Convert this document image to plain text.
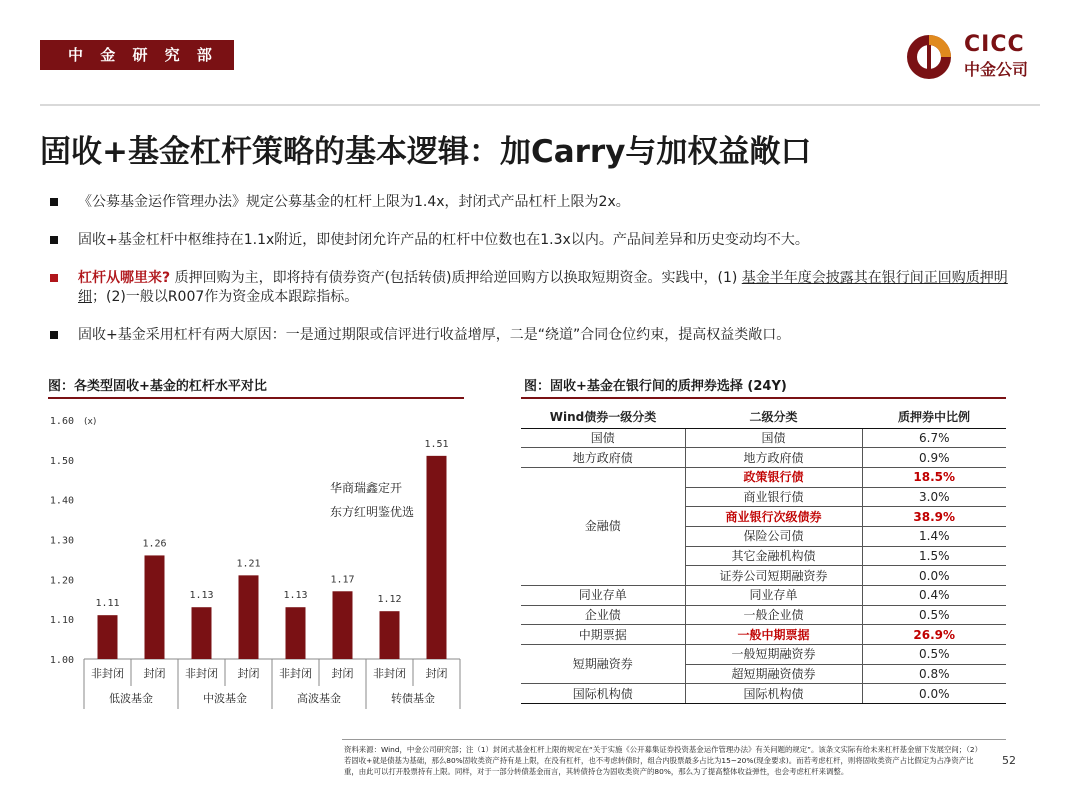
中 金 研 究 部	CICC
中金公司
固收+基金杠杆策略的基本逻辑：加Carry与加权益敞口
《公募基金运作管理办法》规定公募基金的杠杆上限为1.4x，封闭式产品杠杆上限为2x。
固收+基金杠杆中枢维持在1.1x附近，即使封闭允许产品的杠杆中位数也在1.3x以内。产品间差异和历史变动均不大。
杠杆从哪里来? 质押回购为主，即将持有债券资产(包括转债)质押给逆回购方以换取短期资金。实践中，(1) 基金半年度会披露其在银行间正回购质押明细；(2)一般以R007作为资金成本跟踪指标。
固收+基金采用杠杆有两大原因：一是通过期限或信评进行收益增厚，二是“绕道”合同仓位约束，提高权益类敞口。
图：各类型固收+基金的杠杆水平对比	图：固收+基金在银行间的质押券选择 (24Y)
1.60
1.50
1.40
1.30
1.20
1.10
1.00
(x)
1.11
非封闭
1.26
封闭
1.13
非封闭
1.21
封闭
1.13
非封闭
1.17
封闭
1.12
非封闭
1.51
封闭
低波基金	中波基金	高波基金	转债基金
华商瑞鑫定开
东方红明鉴优选
Wind债券一级分类	二级分类	质押券中比例
国债	国债	6.7%
地方政府债	地方政府债	0.9%
金融债	政策银行债	18.5%
	商业银行债	3.0%
	商业银行次级债券	38.9%
	保险公司债	1.4%
	其它金融机构债	1.5%
	证券公司短期融资券	0.0%
同业存单	同业存单	0.4%
企业债	一般企业债	0.5%
中期票据	一般中期票据	26.9%
短期融资券	一般短期融资券	0.5%
	超短期融资债券	0.8%
国际机构债	国际机构债	0.0%
资料来源：Wind，中金公司研究部；注（1）封闭式基金杠杆上限的规定在“关于实施《公开募集证券投资基金运作管理办法》有关问题的规定”。该条文实际有给未来杠杆基金留下发展空间；（2）若固收+就是债基为基础，那么80%固收类资产持有是上限，在没有杠杆，也不考虑转债时，组合内股票最多占比为15~20%(现金要求)。而若考虑杠杆，则将固收类资产占比假定为占净资产比重，由此可以打开股票持有上限。同样，对于一部分转债基金而言，其转债持仓为固收类资产的80%，那么为了提高整体收益弹性，也会考虑杠杆来调整。
52
